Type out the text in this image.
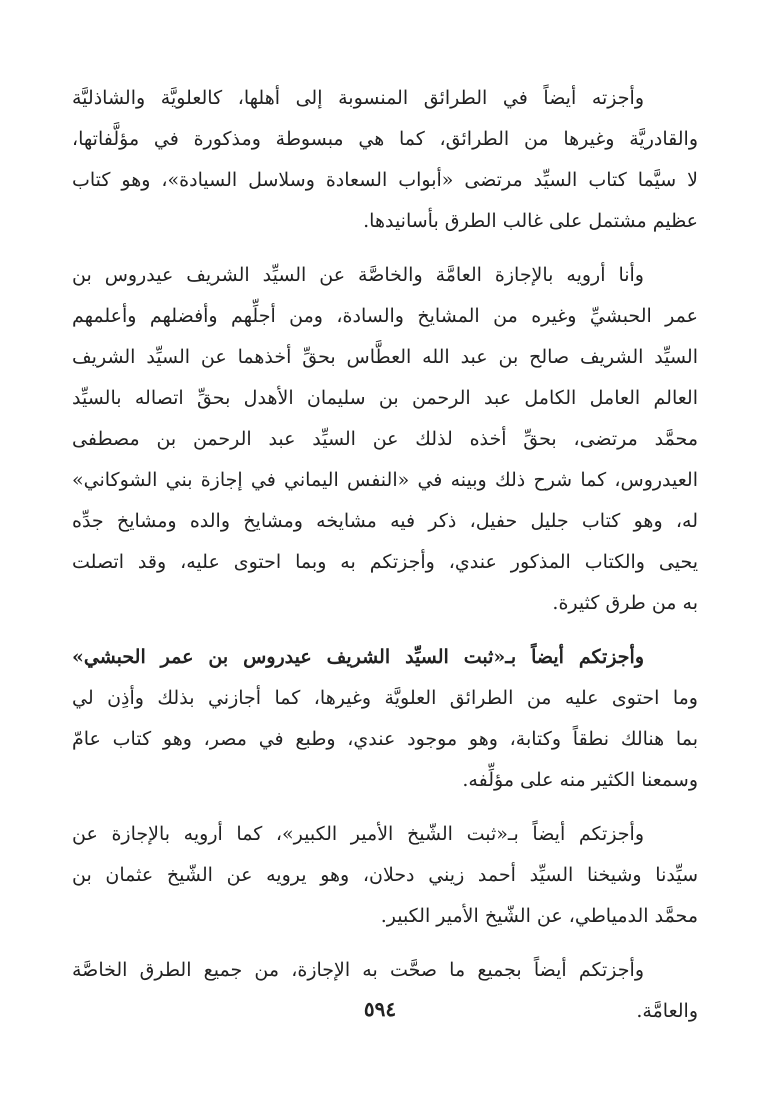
وأجزته أيضاً في الطرائق المنسوبة إلى أهلها، كالعلويَّة والشاذليَّة
والقادريَّة وغيرها من الطرائق، كما هي مبسوطة ومذكورة في مؤلَّفاتها،
لا سيَّما كتاب السيِّد مرتضى «أبواب السعادة وسلاسل السيادة»، وهو كتاب
عظيم مشتمل على غالب الطرق بأسانيدها.
وأنا أرويه بالإجازة العامَّة والخاصَّة عن السيِّد الشريف عيدروس بن
عمر الحبشيِّ وغيره من المشايخ والسادة، ومن أجلِّهم وأفضلهم وأعلمهم
السيِّد الشريف صالح بن عبد الله العطَّاس بحقِّ أخذهما عن السيِّد الشريف
العالم العامل الكامل عبد الرحمن بن سليمان الأهدل بحقِّ اتصاله بالسيِّد
محمَّد مرتضى، بحقِّ أخذه لذلك عن السيِّد عبد الرحمن بن مصطفى
العيدروس، كما شرح ذلك وبينه في «النفس اليماني في إجازة بني الشوكاني»
له، وهو كتاب جليل حفيل، ذكر فيه مشايخه ومشايخ والده ومشايخ جدِّه
يحيى والكتاب المذكور عندي، وأجزتكم به وبما احتوى عليه، وقد اتصلت
به من طرق كثيرة.
وأجزتكم أيضاً بـ«ثبت السيِّد الشريف عيدروس بن عمر الحبشي»
وما احتوى عليه من الطرائق العلويَّة وغيرها، كما أجازني بذلك وأذِن لي
بما هنالك نطقاً وكتابة، وهو موجود عندي، وطبع في مصر، وهو كتاب عامّ
وسمعنا الكثير منه على مؤلِّفه.
وأجزتكم أيضاً بـ«ثبت الشّيخ الأمير الكبير»، كما أرويه بالإجازة عن
سيِّدنا وشيخنا السيِّد أحمد زيني دحلان، وهو يرويه عن الشّيخ عثمان بن
محمَّد الدمياطي، عن الشّيخ الأمير الكبير.
وأجزتكم أيضاً بجميع ما صحَّت به الإجازة، من جميع الطرق الخاصَّة
والعامَّة.
٥٩٤
